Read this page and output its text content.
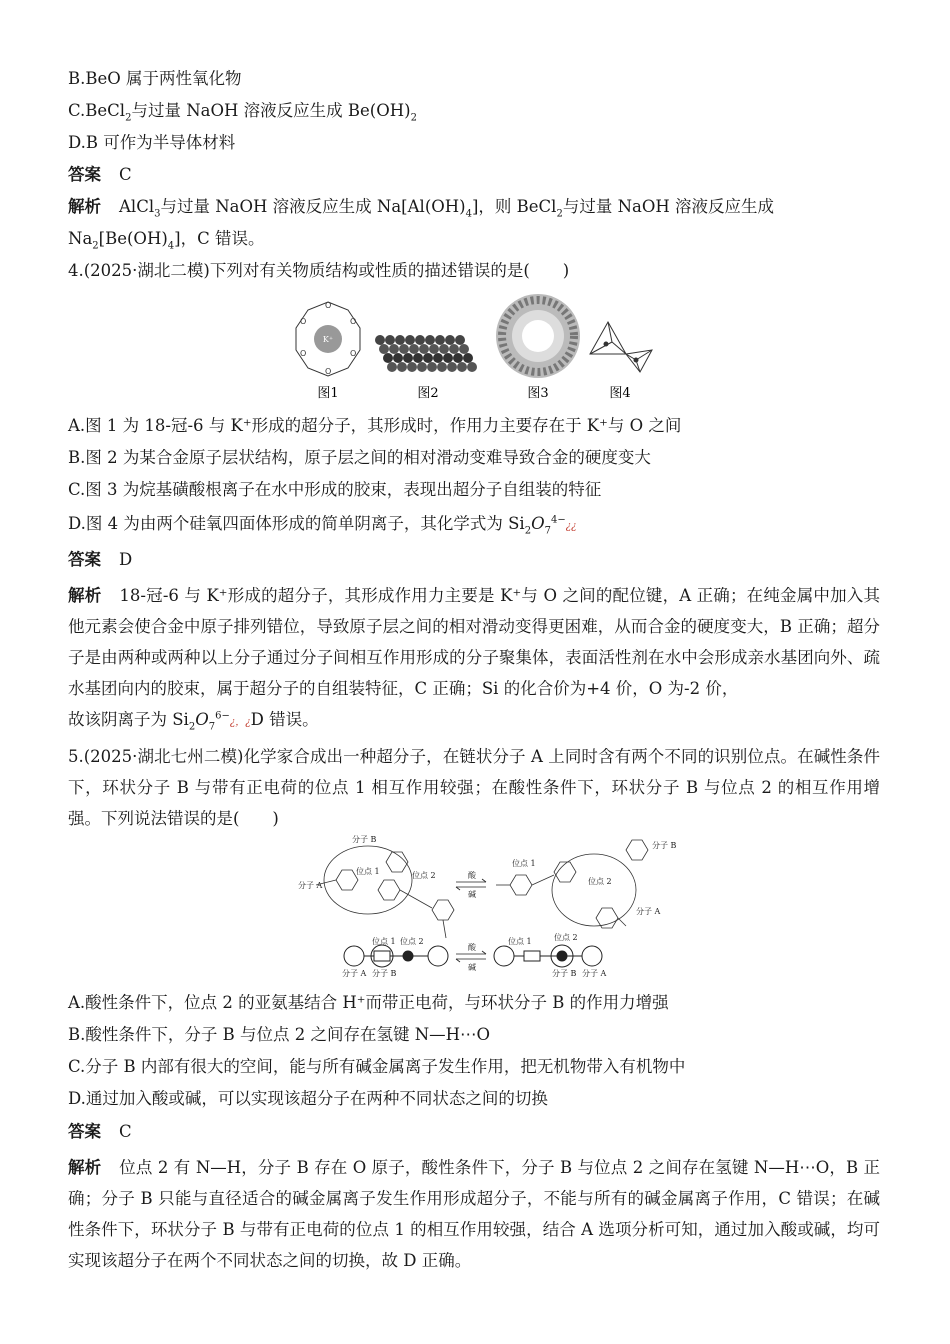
B.BeO 属于两性氧化物
C.BeCl$_2$与过量 NaOH 溶液反应生成 $Be(OH)_2$
D.B 可作为半导体材料
答案 C
解析 AlCl$_3$与过量 NaOH 溶液反应生成 $Na[Al(OH)_4]$，则 BeCl$_2$与过量 NaOH 溶液反应生成
$Na_2[Be(OH)_4]$，C 错误。
4.(2025·湖北二模)下列对有关物质结构或性质的描述错误的是(　　)
O
O
O
O
O
O
K⁺
图1	图2	图3	图4
A.图 1 为 18-冠-6 与 K⁺形成的超分子，其形成时，作用力主要存在于 K⁺与 O 之间
B.图 2 为某合金原子层状结构，原子层之间的相对滑动变难导致合金的硬度变大
C.图 3 为烷基磺酸根离子在水中形成的胶束，表现出超分子自组装的特征
D.图 4 为由两个硅氧四面体形成的简单阴离子，其化学式为 $Si_2O_7^{4-}¿¿$
答案 D
解析 18-冠-6 与 K⁺形成的超分子，其形成作用力主要是 K⁺与 O 之间的配位键，A 正确；在纯金属中加入其他元素会使合金中原子排列错位，导致原子层之间的相对滑动变得更困难，从而合金的硬度变大，B 正确；超分子是由两种或两种以上分子通过分子间相互作用形成的分子聚集体，表面活性剂在水中会形成亲水基团向外、疏水基团向内的胶束，属于超分子的自组装特征，C 正确；Si 的化合价为+4 价，O 为-2 价，
故该阴离子为 $Si_2O_7^{6-}¿$，¿D 错误。
5.(2025·湖北七州二模)化学家合成出一种超分子，在链状分子 A 上同时含有两个不同的识别位点。在碱性条件下，环状分子 B 与带有正电荷的位点 1 相互作用较强；在酸性条件下，环状分子 B 与位点 2 的相互作用增强。下列说法错误的是(　　)
分子 B
分子 A
位点 1	位点 2	酸
碱
分子 B
分子 A
位点 1
位点 2
位点 1 位点 2
分子 A 分子 B
酸
碱
位点 1	位点 2
分子 B 分子 A
A.酸性条件下，位点 2 的亚氨基结合 H⁺而带正电荷，与环状分子 B 的作用力增强
B.酸性条件下，分子 B 与位点 2 之间存在氢键 N—H⋯O
C.分子 B 内部有很大的空间，能与所有碱金属离子发生作用，把无机物带入有机物中
D.通过加入酸或碱，可以实现该超分子在两种不同状态之间的切换
答案 C
解析 位点 2 有 N—H，分子 B 存在 O 原子，酸性条件下，分子 B 与位点 2 之间存在氢键 N—H⋯O，B 正确；分子 B 只能与直径适合的碱金属离子发生作用形成超分子，不能与所有的碱金属离子作用，C 错误；在碱性条件下，环状分子 B 与带有正电荷的位点 1 的相互作用较强，结合 A 选项分析可知，通过加入酸或碱，均可实现该超分子在两个不同状态之间的切换，故 D 正确。
